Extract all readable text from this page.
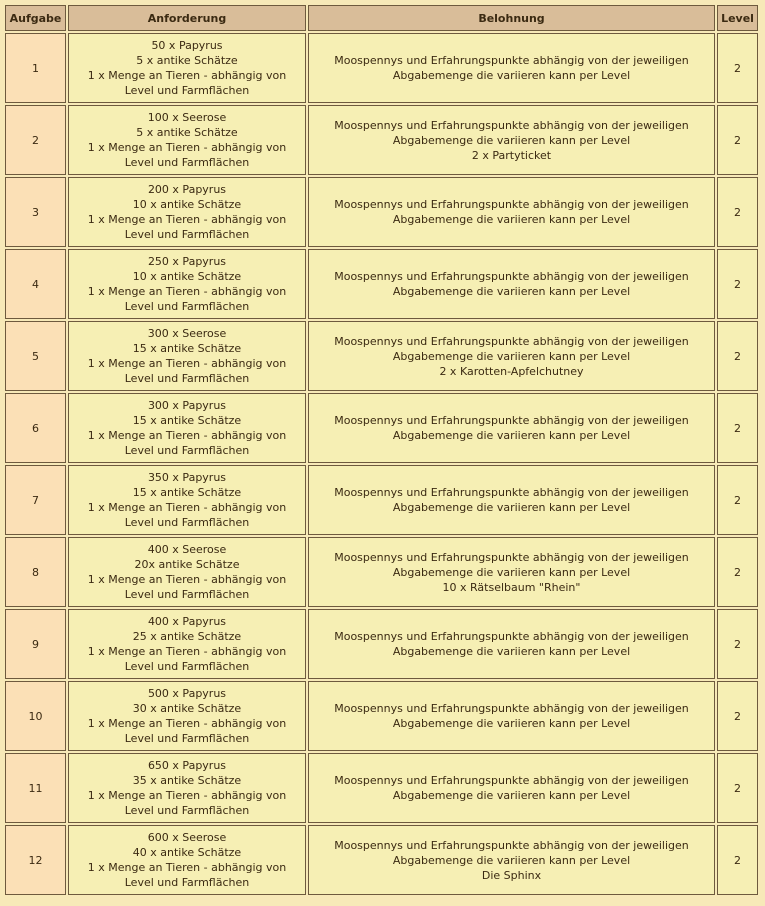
Aufgabe	Anforderung	Belohnung	Level
1	50 x Papyrus
5 x antike Schätze
1 x Menge an Tieren - abhängig von
Level und Farmflächen	Moospennys und Erfahrungspunkte abhängig von der jeweiligen
Abgabemenge die variieren kann per Level	2
2	100 x Seerose
5 x antike Schätze
1 x Menge an Tieren - abhängig von
Level und Farmflächen	Moospennys und Erfahrungspunkte abhängig von der jeweiligen
Abgabemenge die variieren kann per Level
2 x Partyticket	2
3	200 x Papyrus
10 x antike Schätze
1 x Menge an Tieren - abhängig von
Level und Farmflächen	Moospennys und Erfahrungspunkte abhängig von der jeweiligen
Abgabemenge die variieren kann per Level	2
4	250 x Papyrus
10 x antike Schätze
1 x Menge an Tieren - abhängig von
Level und Farmflächen	Moospennys und Erfahrungspunkte abhängig von der jeweiligen
Abgabemenge die variieren kann per Level	2
5	300 x Seerose
15 x antike Schätze
1 x Menge an Tieren - abhängig von
Level und Farmflächen	Moospennys und Erfahrungspunkte abhängig von der jeweiligen
Abgabemenge die variieren kann per Level
2 x Karotten-Apfelchutney	2
6	300 x Papyrus
15 x antike Schätze
1 x Menge an Tieren - abhängig von
Level und Farmflächen	Moospennys und Erfahrungspunkte abhängig von der jeweiligen
Abgabemenge die variieren kann per Level	2
7	350 x Papyrus
15 x antike Schätze
1 x Menge an Tieren - abhängig von
Level und Farmflächen	Moospennys und Erfahrungspunkte abhängig von der jeweiligen
Abgabemenge die variieren kann per Level	2
8	400 x Seerose
20x antike Schätze
1 x Menge an Tieren - abhängig von
Level und Farmflächen	Moospennys und Erfahrungspunkte abhängig von der jeweiligen
Abgabemenge die variieren kann per Level
10 x Rätselbaum "Rhein"	2
9	400 x Papyrus
25 x antike Schätze
1 x Menge an Tieren - abhängig von
Level und Farmflächen	Moospennys und Erfahrungspunkte abhängig von der jeweiligen
Abgabemenge die variieren kann per Level	2
10	500 x Papyrus
30 x antike Schätze
1 x Menge an Tieren - abhängig von
Level und Farmflächen	Moospennys und Erfahrungspunkte abhängig von der jeweiligen
Abgabemenge die variieren kann per Level	2
11	650 x Papyrus
35 x antike Schätze
1 x Menge an Tieren - abhängig von
Level und Farmflächen	Moospennys und Erfahrungspunkte abhängig von der jeweiligen
Abgabemenge die variieren kann per Level	2
12	600 x Seerose
40 x antike Schätze
1 x Menge an Tieren - abhängig von
Level und Farmflächen	Moospennys und Erfahrungspunkte abhängig von der jeweiligen
Abgabemenge die variieren kann per Level
Die Sphinx	2
